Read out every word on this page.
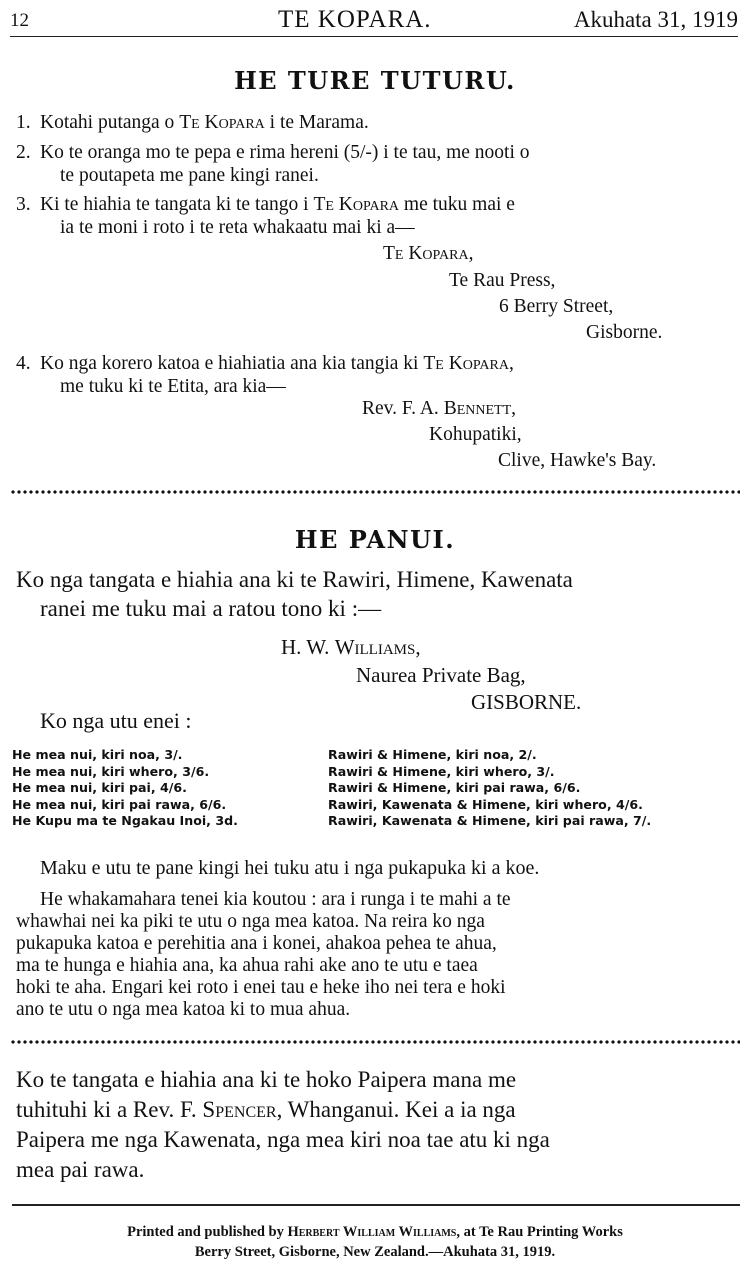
12	TE KOPARA.	Akuhata 31, 1919
HE TURE TUTURU.
1. Kotahi putanga o Te Kopara i te Marama.
2. Ko te oranga mo te pepa e rima hereni (5/-) i te tau, me nooti o
te poutapeta me pane kingi ranei.
3. Ki te hiahia te tangata ki te tango i Te Kopara me tuku mai e
ia te moni i roto i te reta whakaatu mai ki a—
Te Kopara,
Te Rau Press,
6 Berry Street,
Gisborne.
4. Ko nga korero katoa e hiahiatia ana kia tangia ki Te Kopara,
me tuku ki te Etita, ara kia—
Rev. F. A. Bennett,
Kohupatiki,
Clive, Hawke's Bay.
HE PANUI.
Ko nga tangata e hiahia ana ki te Rawiri, Himene, Kawenata
ranei me tuku mai a ratou tono ki :—
H. W. Williams,
Naurea Private Bag,
GISBORNE.
Ko nga utu enei :
He mea nui, kiri noa, 3/.	Rawiri & Himene, kiri noa, 2/.
He mea nui, kiri whero, 3/6.	Rawiri & Himene, kiri whero, 3/.
He mea nui, kiri pai, 4/6.	Rawiri & Himene, kiri pai rawa, 6/6.
He mea nui, kiri pai rawa, 6/6.	Rawiri, Kawenata & Himene, kiri whero, 4/6.
He Kupu ma te Ngakau Inoi, 3d.	Rawiri, Kawenata & Himene, kiri pai rawa, 7/.
Maku e utu te pane kingi hei tuku atu i nga pukapuka ki a koe.
He whakamahara tenei kia koutou : ara i runga i te mahi a te
whawhai nei ka piki te utu o nga mea katoa. Na reira ko nga
pukapuka katoa e perehitia ana i konei, ahakoa pehea te ahua,
ma te hunga e hiahia ana, ka ahua rahi ake ano te utu e taea
hoki te aha. Engari kei roto i enei tau e heke iho nei tera e hoki
ano te utu o nga mea katoa ki to mua ahua.
Ko te tangata e hiahia ana ki te hoko Paipera mana me
tuhituhi ki a Rev. F. Spencer, Whanganui. Kei a ia nga
Paipera me nga Kawenata, nga mea kiri noa tae atu ki nga
mea pai rawa.
Printed and published by Herbert William Williams, at Te Rau Printing Works
Berry Street, Gisborne, New Zealand.—Akuhata 31, 1919.
